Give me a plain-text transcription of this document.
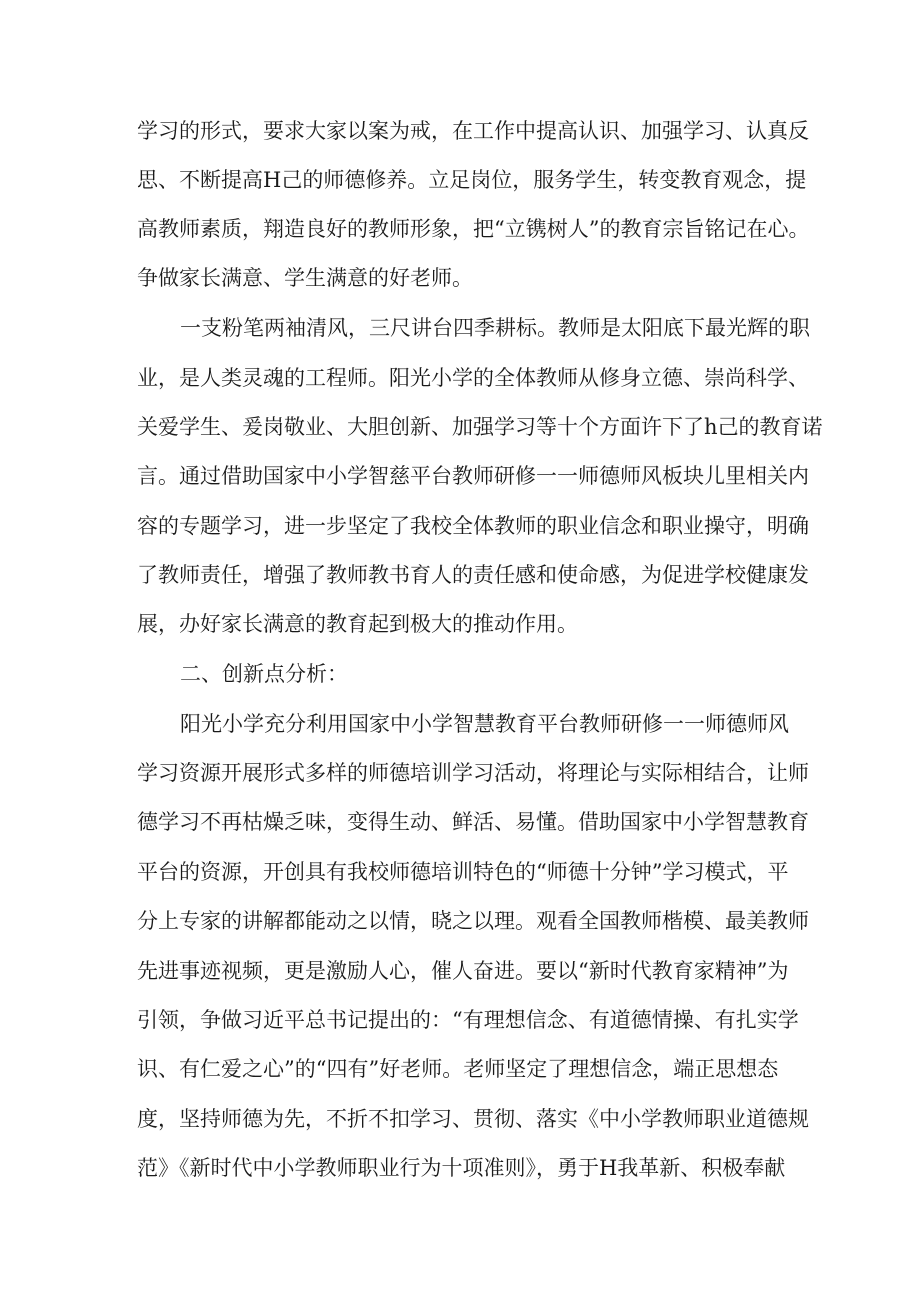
学习的形式，要求大家以案为戒，在工作中提高认识、加强学习、认真反

思、不断提高H己的师德修养。立足岗位，服务学生，转变教育观念，提

高教师素质，翔造良好的教师形象，把“立镌树人”的教育宗旨铭记在心。

争做家长满意、学生满意的好老师。

一支粉笔两袖清风，三尺讲台四季耕标。教师是太阳底下最光辉的职

业，是人类灵魂的工程师。阳光小学的全体教师从修身立德、崇尚科学、

关爱学生、爰岗敬业、大胆创新、加强学习等十个方面许下了h己的教育诺

言。通过借助国家中小学智慈平台教师研修一一师德师风板块儿里相关内

容的专题学习，进一步坚定了我校全体教师的职业信念和职业操守，明确

了教师责任，增强了教师教书育人的责任感和使命感，为促进学校健康发

展，办好家长满意的教育起到极大的推动作用。

二、创新点分析：

阳光小学充分利用国家中小学智慧教育平台教师研修一一师德师风

学习资源开展形式多样的师德培训学习活动，将理论与实际相结合，让师

德学习不再枯燥乏味，变得生动、鲜活、易懂。借助国家中小学智慧教育

平台的资源，开创具有我校师德培训特色的“师德十分钟”学习模式，平

分上专家的讲解都能动之以情，晓之以理。观看全国教师楷模、最美教师

先进事迹视频，更是激励人心，催人奋进。要以“新时代教育家精神”为

引领，争做习近平总书记提出的：“有理想信念、有道德情操、有扎实学

识、有仁爱之心”的“四有”好老师。老师坚定了理想信念，端正思想态

度，坚持师德为先，不折不扣学习、贯彻、落实《中小学教师职业道德规

范》《新时代中小学教师职业行为十项准则》，勇于H我革新、积极奉献
